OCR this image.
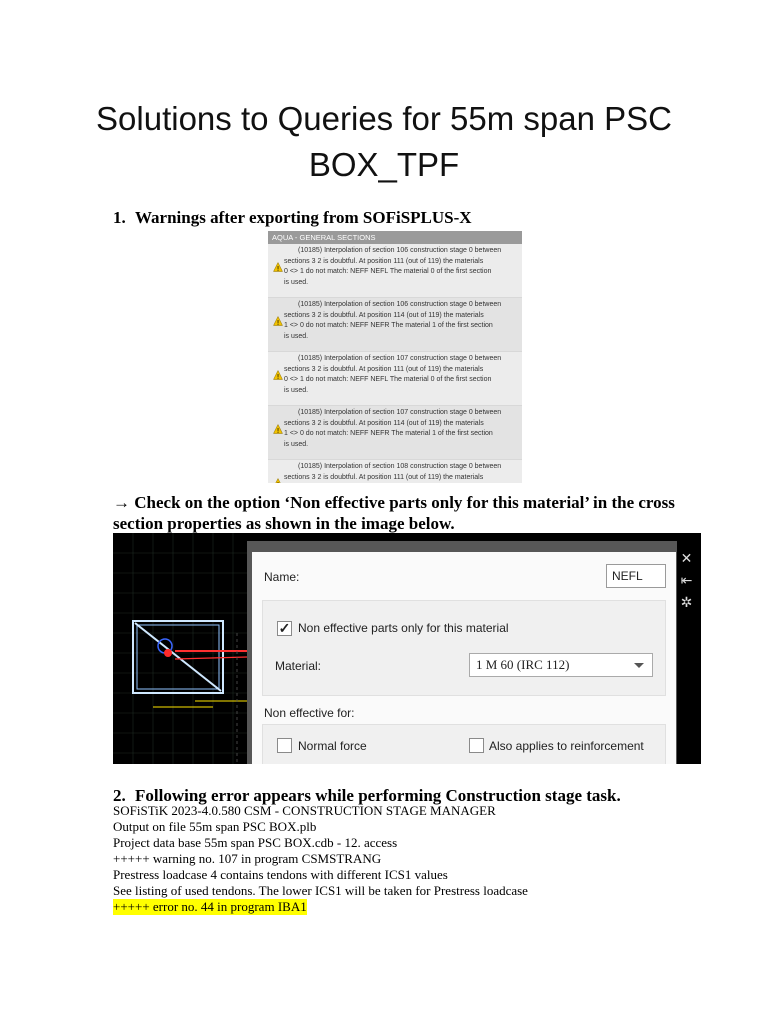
Solutions to Queries for 55m span PSC BOX_TPF
1. Warnings after exporting from SOFiSPLUS-X
AQUA - GENERAL SECTIONS
!

(10185) Interpolation of section 106 construction stage 0 between

sections 3 2 is doubtful. At position 111 (out of 119) the materials

0 <> 1 do not match: NEFF NEFL The material 0 of the first section

is used.

!

(10185) Interpolation of section 106 construction stage 0 between

sections 3 2 is doubtful. At position 114 (out of 119) the materials

1 <> 0 do not match: NEFF NEFR The material 1 of the first section

is used.

!

(10185) Interpolation of section 107 construction stage 0 between

sections 3 2 is doubtful. At position 111 (out of 119) the materials

0 <> 1 do not match: NEFF NEFL The material 0 of the first section

is used.

!

(10185) Interpolation of section 107 construction stage 0 between

sections 3 2 is doubtful. At position 114 (out of 119) the materials

1 <> 0 do not match: NEFF NEFR The material 1 of the first section

is used.

!

(10185) Interpolation of section 108 construction stage 0 between

sections 3 2 is doubtful. At position 111 (out of 119) the materials

→ Check on the option ‘Non effective parts only for this material’ in the cross section properties as shown in the image below.
Name:	NEFL
✓ Non effective parts only for this material
Material:	1 M 60 (IRC 112)
Non effective for:
Normal force	Also applies to reinforcement
✕
⇤
✲
2. Following error appears while performing Construction stage task.
SOFiSTiK 2023-4.0.580 CSM - CONSTRUCTION STAGE MANAGER
Output on file 55m span PSC BOX.plb
Project data base 55m span PSC BOX.cdb - 12. access
+++++ warning no. 107 in program CSMSTRANG
Prestress loadcase 4 contains tendons with different ICS1 values
See listing of used tendons. The lower ICS1 will be taken for Prestress loadcase
+++++ error no. 44 in program IBA1
